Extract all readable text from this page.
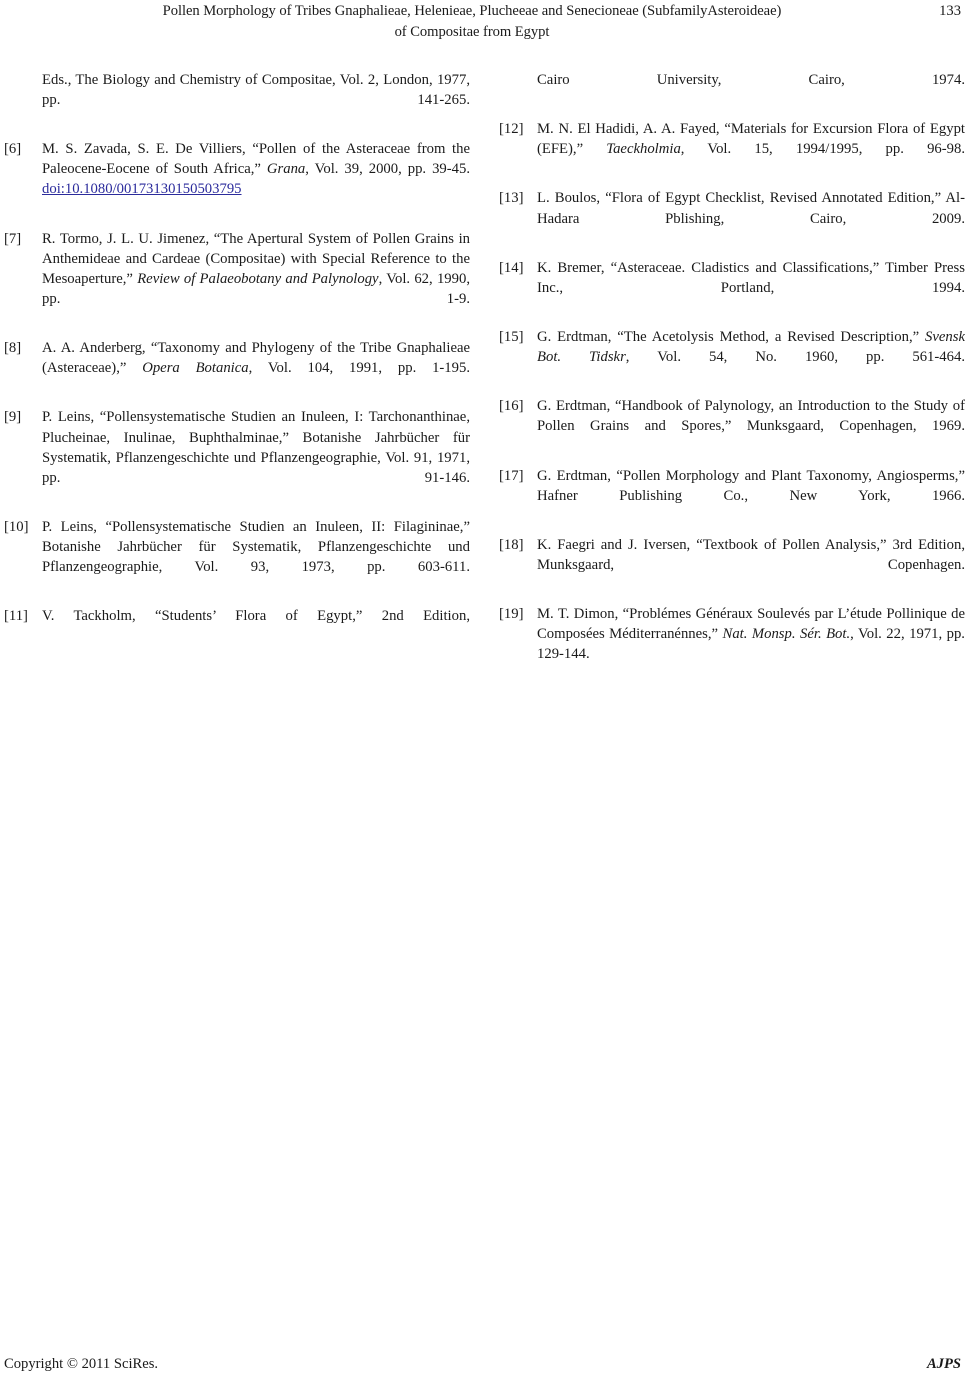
Pollen Morphology of Tribes Gnaphalieae, Helenieae, Plucheeae and Senecioneae (SubfamilyAsteroideae)
of Compositae from Egypt
133
Eds., The Biology and Chemistry of Compositae, Vol. 2, London, 1977, pp. 141-265.
[6]	M. S. Zavada, S. E. De Villiers, “Pollen of the Asteraceae from the Paleocene-Eocene of South Africa,” Grana, Vol. 39, 2000, pp. 39-45. doi:10.1080/00173130150503795
[7]	R. Tormo, J. L. U. Jimenez, “The Apertural System of Pollen Grains in Anthemideae and Cardeae (Compositae) with Special Reference to the Mesoaperture,” Review of Palaeobotany and Palynology, Vol. 62, 1990, pp. 1-9.
[8]	A. A. Anderberg, “Taxonomy and Phylogeny of the Tribe Gnaphalieae (Asteraceae),” Opera Botanica, Vol. 104, 1991, pp. 1-195.
[9]	P. Leins, “Pollensystematische Studien an Inuleen, I: Tarchonanthinae, Plucheinae, Inulinae, Buphthalminae,” Botanishe Jahrbücher für Systematik, Pflanzengeschichte und Pflanzengeographie, Vol. 91, 1971, pp. 91-146.
[10] P. Leins, “Pollensystematische Studien an Inuleen, II: Filagininae,” Botanishe Jahrbücher für Systematik, Pflanzengeschichte und Pflanzengeographie, Vol. 93, 1973, pp. 603-611.
[11] V. Tackholm, “Students’ Flora of Egypt,” 2nd Edition,
Cairo University, Cairo, 1974.
[12] M. N. El Hadidi, A. A. Fayed, “Materials for Excursion Flora of Egypt (EFE),” Taeckholmia, Vol. 15, 1994/1995, pp. 96-98.
[13] L. Boulos, “Flora of Egypt Checklist, Revised Annotated Edition,” Al-Hadara Pblishing, Cairo, 2009.
[14] K. Bremer, “Asteraceae. Cladistics and Classifications,” Timber Press Inc., Portland, 1994.
[15] G. Erdtman, “The Acetolysis Method, a Revised Description,” Svensk Bot. Tidskr, Vol. 54, No. 1960, pp. 561-464.
[16] G. Erdtman, “Handbook of Palynology, an Introduction to the Study of Pollen Grains and Spores,” Munksgaard, Copenhagen, 1969.
[17] G. Erdtman, “Pollen Morphology and Plant Taxonomy, Angiosperms,” Hafner Publishing Co., New York, 1966.
[18] K. Faegri and J. Iversen, “Textbook of Pollen Analysis,” 3rd Edition, Munksgaard, Copenhagen.
[19] M. T. Dimon, “Problémes Généraux Soulevés par L’étude Pollinique de Composées Méditerranénnes,” Nat. Monsp. Sér. Bot., Vol. 22, 1971, pp. 129-144.
Copyright © 2011 SciRes.	AJPS
